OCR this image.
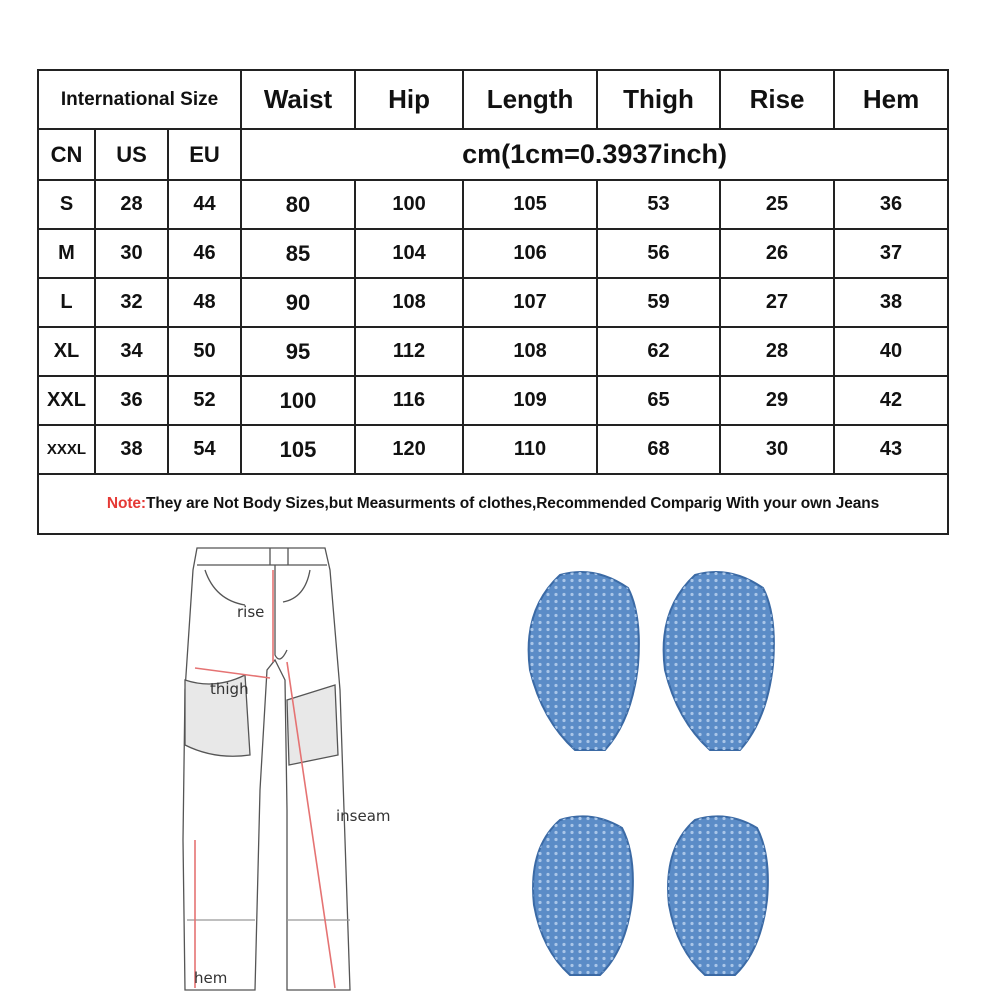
International Size			Waist	Hip	Length	Thigh	Rise	Hem
CN	US	EU	cm(1cm=0.3937inch)					
S	28	44	80	100	105	53	25	36
M	30	46	85	104	106	56	26	37
L	32	48	90	108	107	59	27	38
XL	34	50	95	112	108	62	28	40
XXL	36	52	100	116	109	65	29	42
XXXL	38	54	105	120	110	68	30	43
Note:They are Not Body Sizes,but Measurments of clothes,Recommended Comparig With your own Jeans								
rise
thigh
inseam
hem
